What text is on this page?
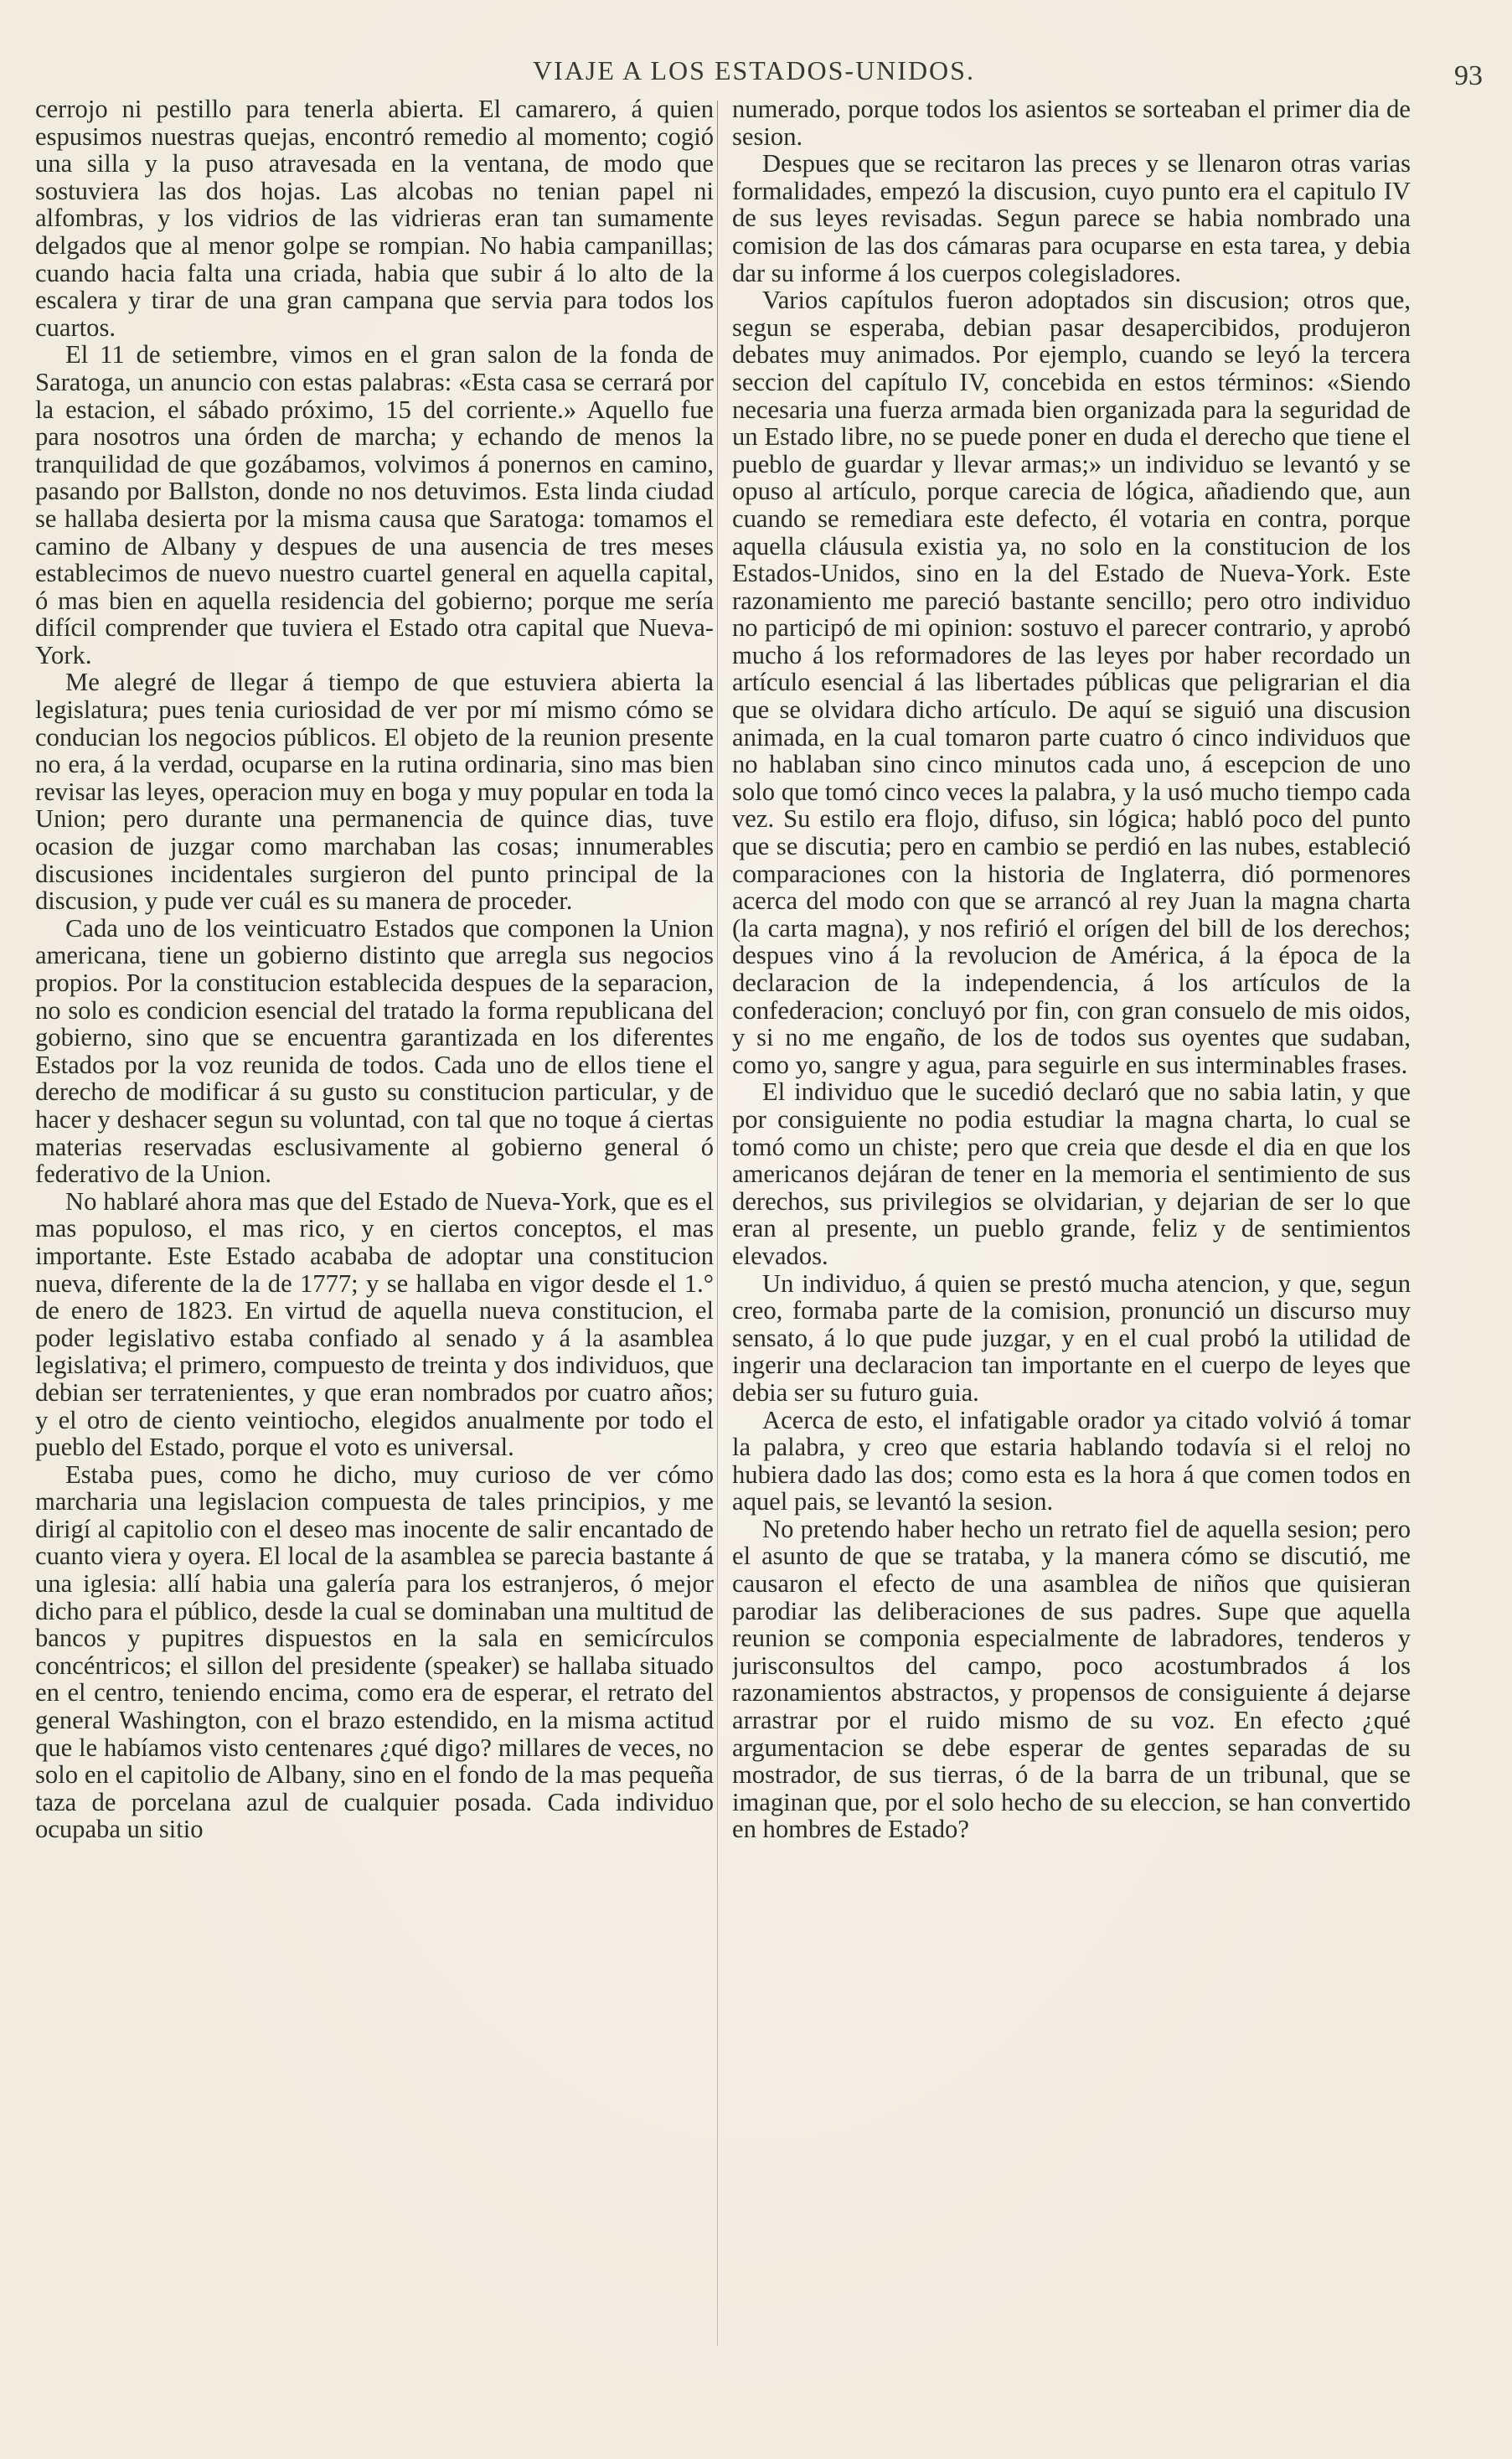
VIAJE A LOS ESTADOS-UNIDOS.	93

cerrojo ni pestillo para tenerla abierta. El camarero, á quien espusimos nuestras quejas, encontró remedio al momento; cogió una silla y la puso atravesada en la ventana, de modo que sostuviera las dos hojas. Las alcobas no tenian papel ni alfombras, y los vidrios de las vidrieras eran tan sumamente delgados que al menor golpe se rompian. No habia campanillas; cuando hacia falta una criada, habia que subir á lo alto de la escalera y tirar de una gran campana que servia para todos los cuartos.

El 11 de setiembre, vimos en el gran salon de la fonda de Saratoga, un anuncio con estas palabras: «Esta casa se cerrará por la estacion, el sábado próximo, 15 del corriente.» Aquello fue para nosotros una órden de marcha; y echando de menos la tranquilidad de que gozábamos, volvimos á ponernos en camino, pasando por Ballston, donde no nos detuvimos. Esta linda ciudad se hallaba desierta por la misma causa que Saratoga: tomamos el camino de Albany y despues de una ausencia de tres meses establecimos de nuevo nuestro cuartel general en aquella capital, ó mas bien en aquella residencia del gobierno; porque me sería difícil comprender que tuviera el Estado otra capital que Nueva-York.

Me alegré de llegar á tiempo de que estuviera abierta la legislatura; pues tenia curiosidad de ver por mí mismo cómo se conducian los negocios públicos. El objeto de la reunion presente no era, á la verdad, ocuparse en la rutina ordinaria, sino mas bien revisar las leyes, operacion muy en boga y muy popular en toda la Union; pero durante una permanencia de quince dias, tuve ocasion de juzgar como marchaban las cosas; innumerables discusiones incidentales surgieron del punto principal de la discusion, y pude ver cuál es su manera de proceder.

Cada uno de los veinticuatro Estados que componen la Union americana, tiene un gobierno distinto que arregla sus negocios propios. Por la constitucion establecida despues de la separacion, no solo es condicion esencial del tratado la forma republicana del gobierno, sino que se encuentra garantizada en los diferentes Estados por la voz reunida de todos. Cada uno de ellos tiene el derecho de modificar á su gusto su constitucion particular, y de hacer y deshacer segun su voluntad, con tal que no toque á ciertas materias reservadas esclusivamente al gobierno general ó federativo de la Union.

No hablaré ahora mas que del Estado de Nueva-York, que es el mas populoso, el mas rico, y en ciertos conceptos, el mas importante. Este Estado acababa de adoptar una constitucion nueva, diferente de la de 1777; y se hallaba en vigor desde el 1.° de enero de 1823. En virtud de aquella nueva constitucion, el poder legislativo estaba confiado al senado y á la asamblea legislativa; el primero, compuesto de treinta y dos individuos, que debian ser terratenientes, y que eran nombrados por cuatro años; y el otro de ciento veintiocho, elegidos anualmente por todo el pueblo del Estado, porque el voto es universal.

Estaba pues, como he dicho, muy curioso de ver cómo marcharia una legislacion compuesta de tales principios, y me dirigí al capitolio con el deseo mas inocente de salir encantado de cuanto viera y oyera. El local de la asamblea se parecia bastante á una iglesia: allí habia una galería para los estranjeros, ó mejor dicho para el público, desde la cual se dominaban una multitud de bancos y pupitres dispuestos en la sala en semicírculos concéntricos; el sillon del presidente (speaker) se hallaba situado en el centro, teniendo encima, como era de esperar, el retrato del general Washington, con el brazo estendido, en la misma actitud que le habíamos visto centenares ¿qué digo? millares de veces, no solo en el capitolio de Albany, sino en el fondo de la mas pequeña taza de porcelana azul de cualquier posada. Cada individuo ocupaba un sitio

numerado, porque todos los asientos se sorteaban el primer dia de sesion.

Despues que se recitaron las preces y se llenaron otras varias formalidades, empezó la discusion, cuyo punto era el capitulo IV de sus leyes revisadas. Segun parece se habia nombrado una comision de las dos cámaras para ocuparse en esta tarea, y debia dar su informe á los cuerpos colegisladores.

Varios capítulos fueron adoptados sin discusion; otros que, segun se esperaba, debian pasar desapercibidos, produjeron debates muy animados. Por ejemplo, cuando se leyó la tercera seccion del capítulo IV, concebida en estos términos: «Siendo necesaria una fuerza armada bien organizada para la seguridad de un Estado libre, no se puede poner en duda el derecho que tiene el pueblo de guardar y llevar armas;» un individuo se levantó y se opuso al artículo, porque carecia de lógica, añadiendo que, aun cuando se remediara este defecto, él votaria en contra, porque aquella cláusula existia ya, no solo en la constitucion de los Estados-Unidos, sino en la del Estado de Nueva-York. Este razonamiento me pareció bastante sencillo; pero otro individuo no participó de mi opinion: sostuvo el parecer contrario, y aprobó mucho á los reformadores de las leyes por haber recordado un artículo esencial á las libertades públicas que peligrarian el dia que se olvidara dicho artículo. De aquí se siguió una discusion animada, en la cual tomaron parte cuatro ó cinco individuos que no hablaban sino cinco minutos cada uno, á escepcion de uno solo que tomó cinco veces la palabra, y la usó mucho tiempo cada vez. Su estilo era flojo, difuso, sin lógica; habló poco del punto que se discutia; pero en cambio se perdió en las nubes, estableció comparaciones con la historia de Inglaterra, dió pormenores acerca del modo con que se arrancó al rey Juan la magna charta (la carta magna), y nos refirió el orígen del bill de los derechos; despues vino á la revolucion de América, á la época de la declaracion de la independencia, á los artículos de la confederacion; concluyó por fin, con gran consuelo de mis oidos, y si no me engaño, de los de todos sus oyentes que sudaban, como yo, sangre y agua, para seguirle en sus interminables frases.

El individuo que le sucedió declaró que no sabia latin, y que por consiguiente no podia estudiar la magna charta, lo cual se tomó como un chiste; pero que creia que desde el dia en que los americanos dejáran de tener en la memoria el sentimiento de sus derechos, sus privilegios se olvidarian, y dejarian de ser lo que eran al presente, un pueblo grande, feliz y de sentimientos elevados.

Un individuo, á quien se prestó mucha atencion, y que, segun creo, formaba parte de la comision, pronunció un discurso muy sensato, á lo que pude juzgar, y en el cual probó la utilidad de ingerir una declaracion tan importante en el cuerpo de leyes que debia ser su futuro guia.

Acerca de esto, el infatigable orador ya citado volvió á tomar la palabra, y creo que estaria hablando todavía si el reloj no hubiera dado las dos; como esta es la hora á que comen todos en aquel pais, se levantó la sesion.

No pretendo haber hecho un retrato fiel de aquella sesion; pero el asunto de que se trataba, y la manera cómo se discutió, me causaron el efecto de una asamblea de niños que quisieran parodiar las deliberaciones de sus padres. Supe que aquella reunion se componia especialmente de labradores, tenderos y jurisconsultos del campo, poco acostumbrados á los razonamientos abstractos, y propensos de consiguiente á dejarse arrastrar por el ruido mismo de su voz. En efecto ¿qué argumentacion se debe esperar de gentes separadas de su mostrador, de sus tierras, ó de la barra de un tribunal, que se imaginan que, por el solo hecho de su eleccion, se han convertido en hombres de Estado?
